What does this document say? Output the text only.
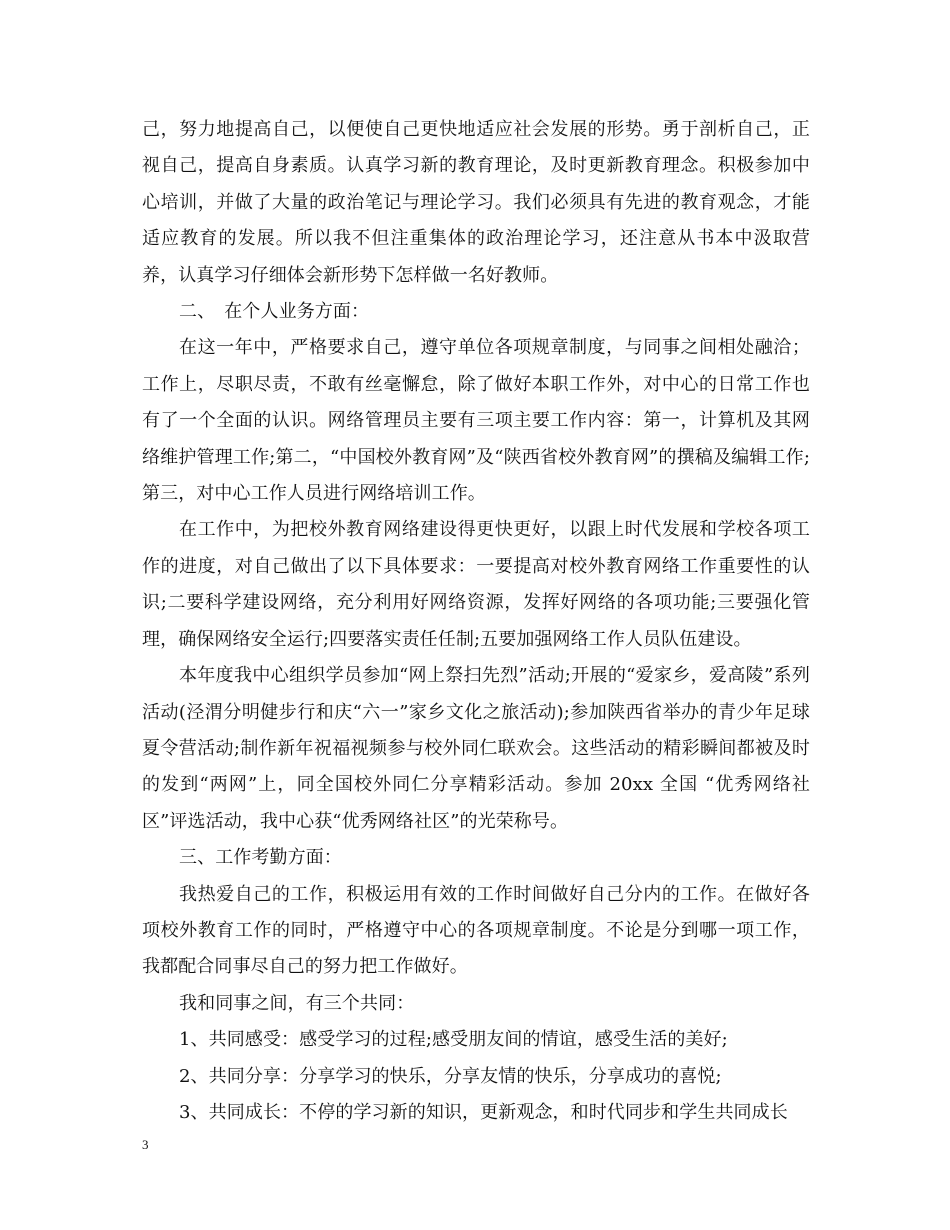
己，努力地提高自己，以便使自己更快地适应社会发展的形势。勇于剖析自己，正视自己，提高自身素质。认真学习新的教育理论，及时更新教育理念。积极参加中心培训，并做了大量的政治笔记与理论学习。我们必须具有先进的教育观念，才能适应教育的发展。所以我不但注重集体的政治理论学习，还注意从书本中汲取营养，认真学习仔细体会新形势下怎样做一名好教师。

二、　在个人业务方面：

在这一年中，严格要求自己，遵守单位各项规章制度，与同事之间相处融洽；工作上，尽职尽责，不敢有丝毫懈怠，除了做好本职工作外，对中心的日常工作也有了一个全面的认识。网络管理员主要有三项主要工作内容：第一，计算机及其网络维护管理工作;第二，“中国校外教育网”及“陕西省校外教育网”的撰稿及编辑工作;第三，对中心工作人员进行网络培训工作。

在工作中，为把校外教育网络建设得更快更好，以跟上时代发展和学校各项工作的进度，对自己做出了以下具体要求：一要提高对校外教育网络工作重要性的认识;二要科学建设网络，充分利用好网络资源，发挥好网络的各项功能;三要强化管理，确保网络安全运行;四要落实责任任制;五要加强网络工作人员队伍建设。

本年度我中心组织学员参加“网上祭扫先烈”活动;开展的“爱家乡，爱高陵”系列活动(泾渭分明健步行和庆“六一”家乡文化之旅活动);参加陕西省举办的青少年足球夏令营活动;制作新年祝福视频参与校外同仁联欢会。这些活动的精彩瞬间都被及时的发到“两网”上，同全国校外同仁分享精彩活动。参加 20xx 全国 “优秀网络社区”评选活动，我中心获“优秀网络社区”的光荣称号。

三、工作考勤方面：

我热爱自己的工作，积极运用有效的工作时间做好自己分内的工作。在做好各项校外教育工作的同时，严格遵守中心的各项规章制度。不论是分到哪一项工作，我都配合同事尽自己的努力把工作做好。

我和同事之间，有三个共同：

1、共同感受：感受学习的过程;感受朋友间的情谊，感受生活的美好;

2、共同分享：分享学习的快乐，分享友情的快乐，分享成功的喜悦;

3、共同成长：不停的学习新的知识，更新观念，和时代同步和学生共同成长

3
